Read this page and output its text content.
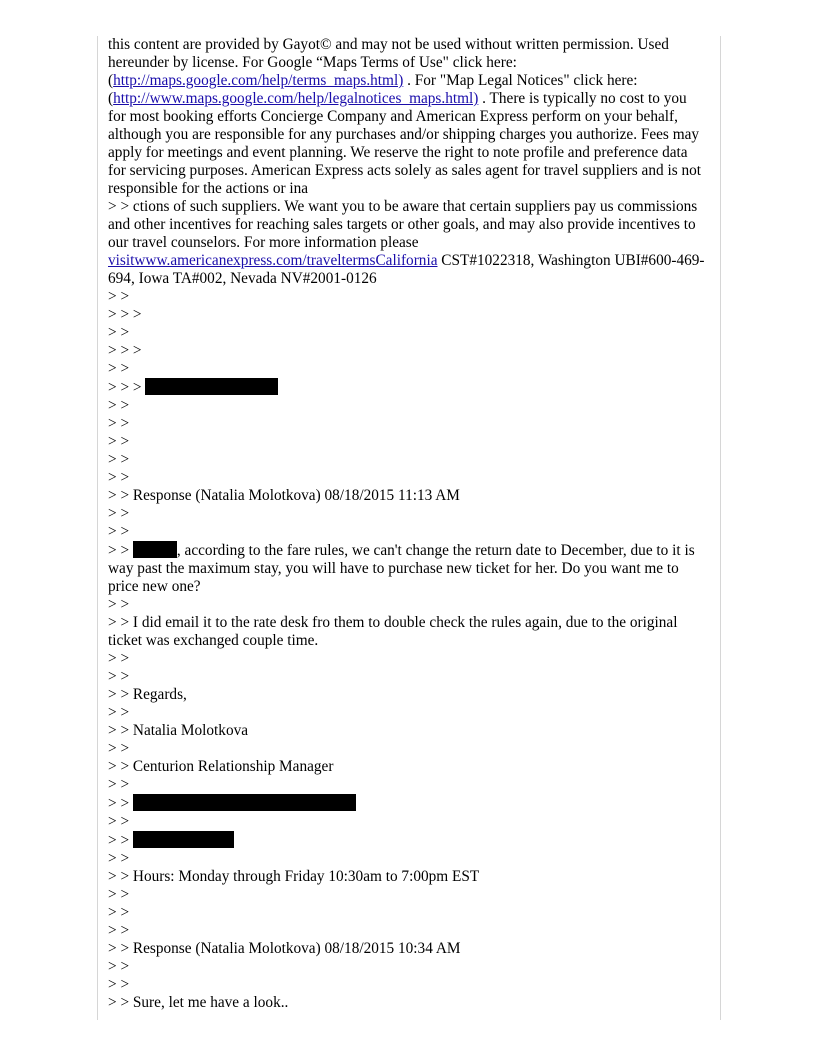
this content are provided by Gayot© and may not be used without written permission. Used hereunder by license. For Google “Maps Terms of Use" click here: (http://maps.google.com/help/terms_maps.html) . For "Map Legal Notices" click here: (http://www.maps.google.com/help/legalnotices_maps.html) . There is typically no cost to you for most booking efforts Concierge Company and American Express perform on your behalf, although you are responsible for any purchases and/or shipping charges you authorize. Fees may apply for meetings and event planning. We reserve the right to note profile and preference data for servicing purposes. American Express acts solely as sales agent for travel suppliers and is not responsible for the actions or ina

> > ctions of such suppliers. We want you to be aware that certain suppliers pay us commissions and other incentives for reaching sales targets or other goals, and may also provide incentives to our travel counselors. For more information please visitwww.americanexpress.com/traveltermsCalifornia CST#1022318, Washington UBI#600-469-694, Iowa TA#002, Nevada NV#2001-0126

> >

> > >

> >

> > >

> >

> > >

> >

> >

> >

> >

> >

> > Response (Natalia Molotkova) 08/18/2015 11:13 AM

> >

> >

> >	, according to the fare rules, we can't change the return date to December, due to it is way past the maximum stay, you will have to purchase new ticket for her. Do you want me to price new one?

> >

> > I did email it to the rate desk fro them to double check the rules again, due to the original ticket was exchanged couple time.

> >

> >

> > Regards,

> >

> > Natalia Molotkova

> >

> > Centurion Relationship Manager

> >

> >

> >

> >

> >

> > Hours: Monday through Friday 10:30am to 7:00pm EST

> >

> >

> >

> > Response (Natalia Molotkova) 08/18/2015 10:34 AM

> >

> >

> > Sure, let me have a look..
